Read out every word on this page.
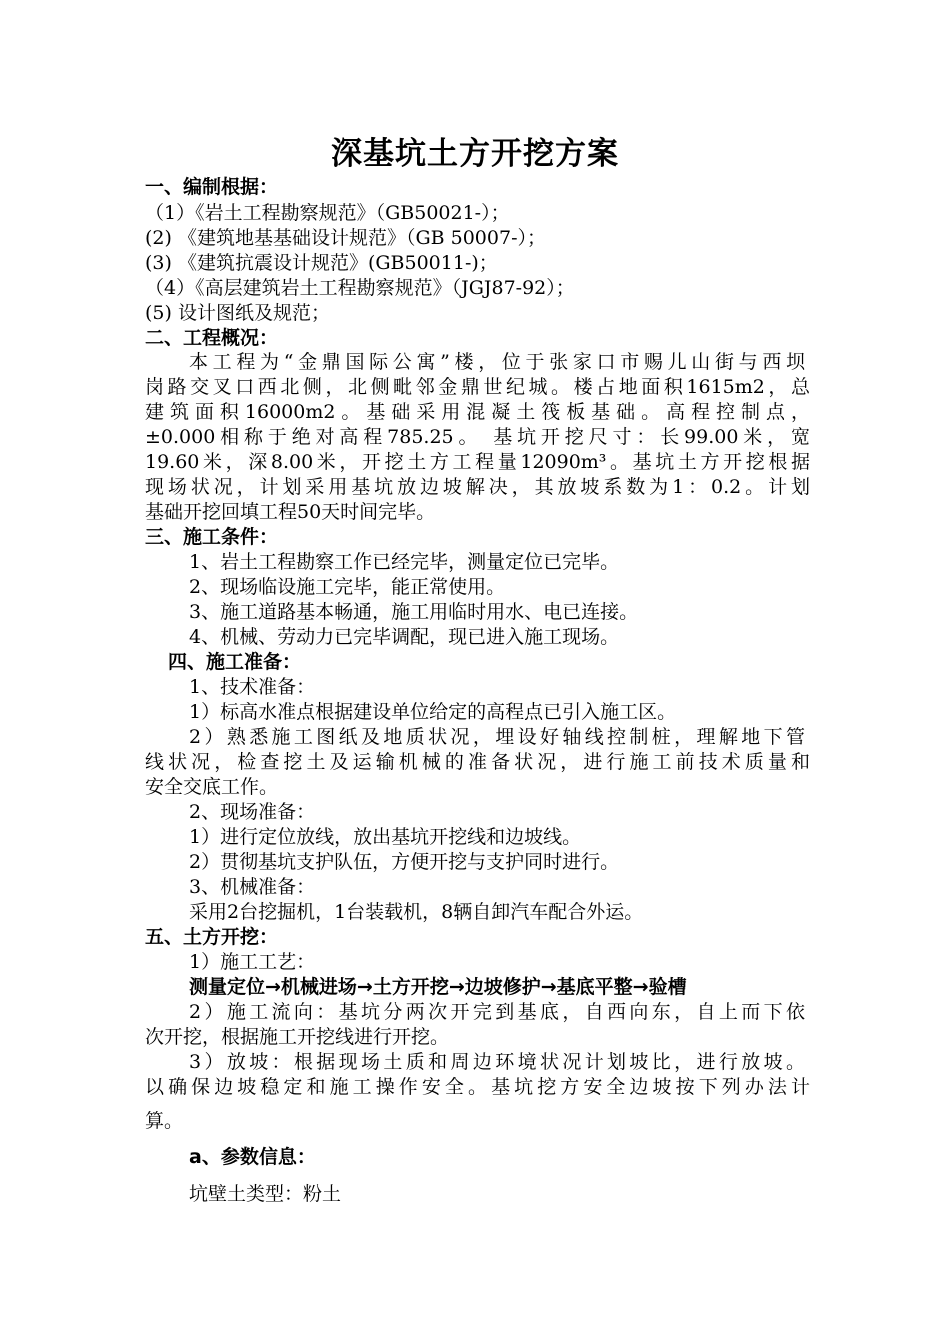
深基坑土方开挖方案
一、编制根据：
（1）《岩土工程勘察规范》（GB50021-）；
(2) 《建筑地基基础设计规范》（GB 50007-）；
(3) 《建筑抗震设计规范》(GB50011-)；
（4）《高层建筑岩土工程勘察规范》（JGJ87-92）；
(5) 设计图纸及规范；
二、工程概况：
本工程为“金鼎国际公寓”楼，位于张家口市赐儿山街与西坝
岗路交叉口西北侧，北侧毗邻金鼎世纪城。楼占地面积1615m2，总
建筑面积16000m2。基础采用混凝土筏板基础。高程控制点，
±0.000相称于绝对高程785.25。 基坑开挖尺寸：长99.00米，宽
19.60米，深8.00米，开挖土方工程量12090m³。基坑土方开挖根据
现场状况，计划采用基坑放边坡解决，其放坡系数为1：0.2。计划
基础开挖回填工程50天时间完毕。
三、施工条件：
1、岩土工程勘察工作已经完毕，测量定位已完毕。
2、现场临设施工完毕，能正常使用。
3、施工道路基本畅通，施工用临时用水、电已连接。
4、机械、劳动力已完毕调配，现已进入施工现场。
四、施工准备：
1、技术准备：
1）标高水准点根据建设单位给定的高程点已引入施工区。
2）熟悉施工图纸及地质状况，埋设好轴线控制桩，理解地下管
线状况，检查挖土及运输机械的准备状况，进行施工前技术质量和
安全交底工作。
2、现场准备：
1）进行定位放线，放出基坑开挖线和边坡线。
2）贯彻基坑支护队伍，方便开挖与支护同时进行。
3、机械准备：
采用2台挖掘机，1台装载机，8辆自卸汽车配合外运。
五、土方开挖：
1）施工工艺：
测量定位→机械进场→土方开挖→边坡修护→基底平整→验槽
2）施工流向：基坑分两次开完到基底，自西向东，自上而下依
次开挖，根据施工开挖线进行开挖。
3）放坡：根据现场土质和周边环境状况计划坡比，进行放坡。
以确保边坡稳定和施工操作安全。基坑挖方安全边坡按下列办法计
算。
a、参数信息：
坑壁土类型：粉土
